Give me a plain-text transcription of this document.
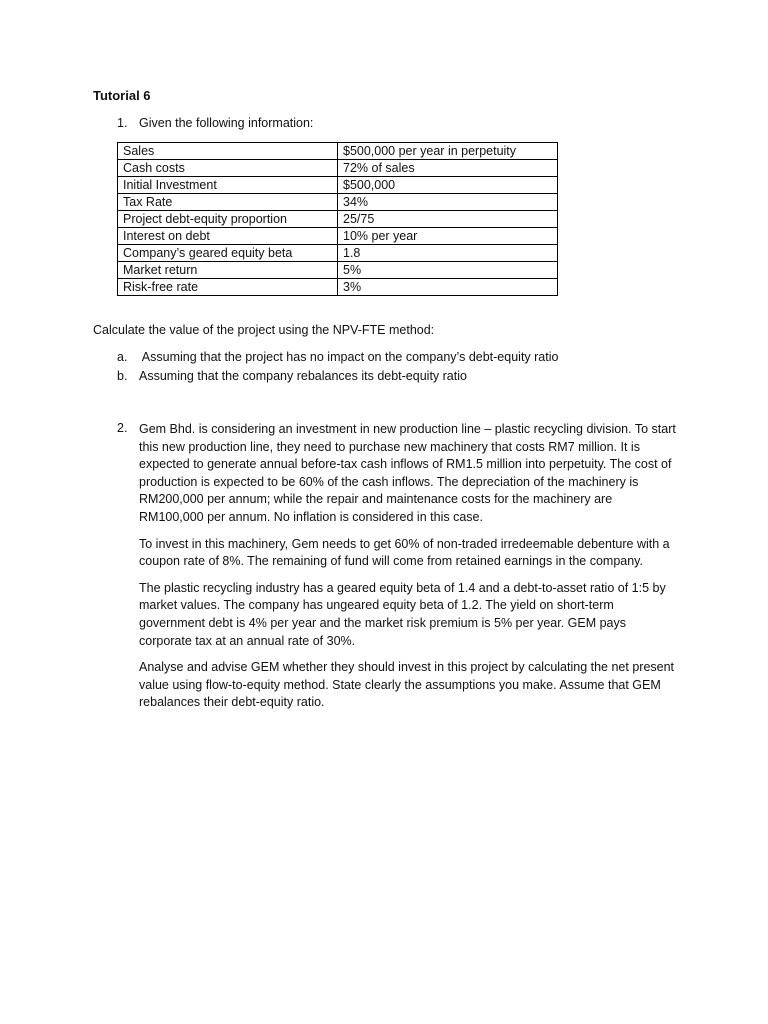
Tutorial 6
1. Given the following information:
Sales	$500,000 per year in perpetuity
Cash costs	72% of sales
Initial Investment	$500,000
Tax Rate	34%
Project debt-equity proportion	25/75
Interest on debt	10% per year
Company’s geared equity beta	1.8
Market return	5%
Risk-free rate	3%
Calculate the value of the project using the NPV-FTE method:
a. Assuming that the project has no impact on the company’s debt-equity ratio
b. Assuming that the company rebalances its debt-equity ratio
2. Gem Bhd. is considering an investment in new production line – plastic recycling division. To start this new production line, they need to purchase new machinery that costs RM7 million. It is expected to generate annual before-tax cash inflows of RM1.5 million into perpetuity. The cost of production is expected to be 60% of the cash inflows. The depreciation of the machinery is RM200,000 per annum; while the repair and maintenance costs for the machinery are RM100,000 per annum. No inflation is considered in this case.

To invest in this machinery, Gem needs to get 60% of non-traded irredeemable debenture with a coupon rate of 8%. The remaining of fund will come from retained earnings in the company.

The plastic recycling industry has a geared equity beta of 1.4 and a debt-to-asset ratio of 1:5 by market values. The company has ungeared equity beta of 1.2. The yield on short-term government debt is 4% per year and the market risk premium is 5% per year. GEM pays corporate tax at an annual rate of 30%.

Analyse and advise GEM whether they should invest in this project by calculating the net present value using flow-to-equity method. State clearly the assumptions you make. Assume that GEM rebalances their debt-equity ratio.
